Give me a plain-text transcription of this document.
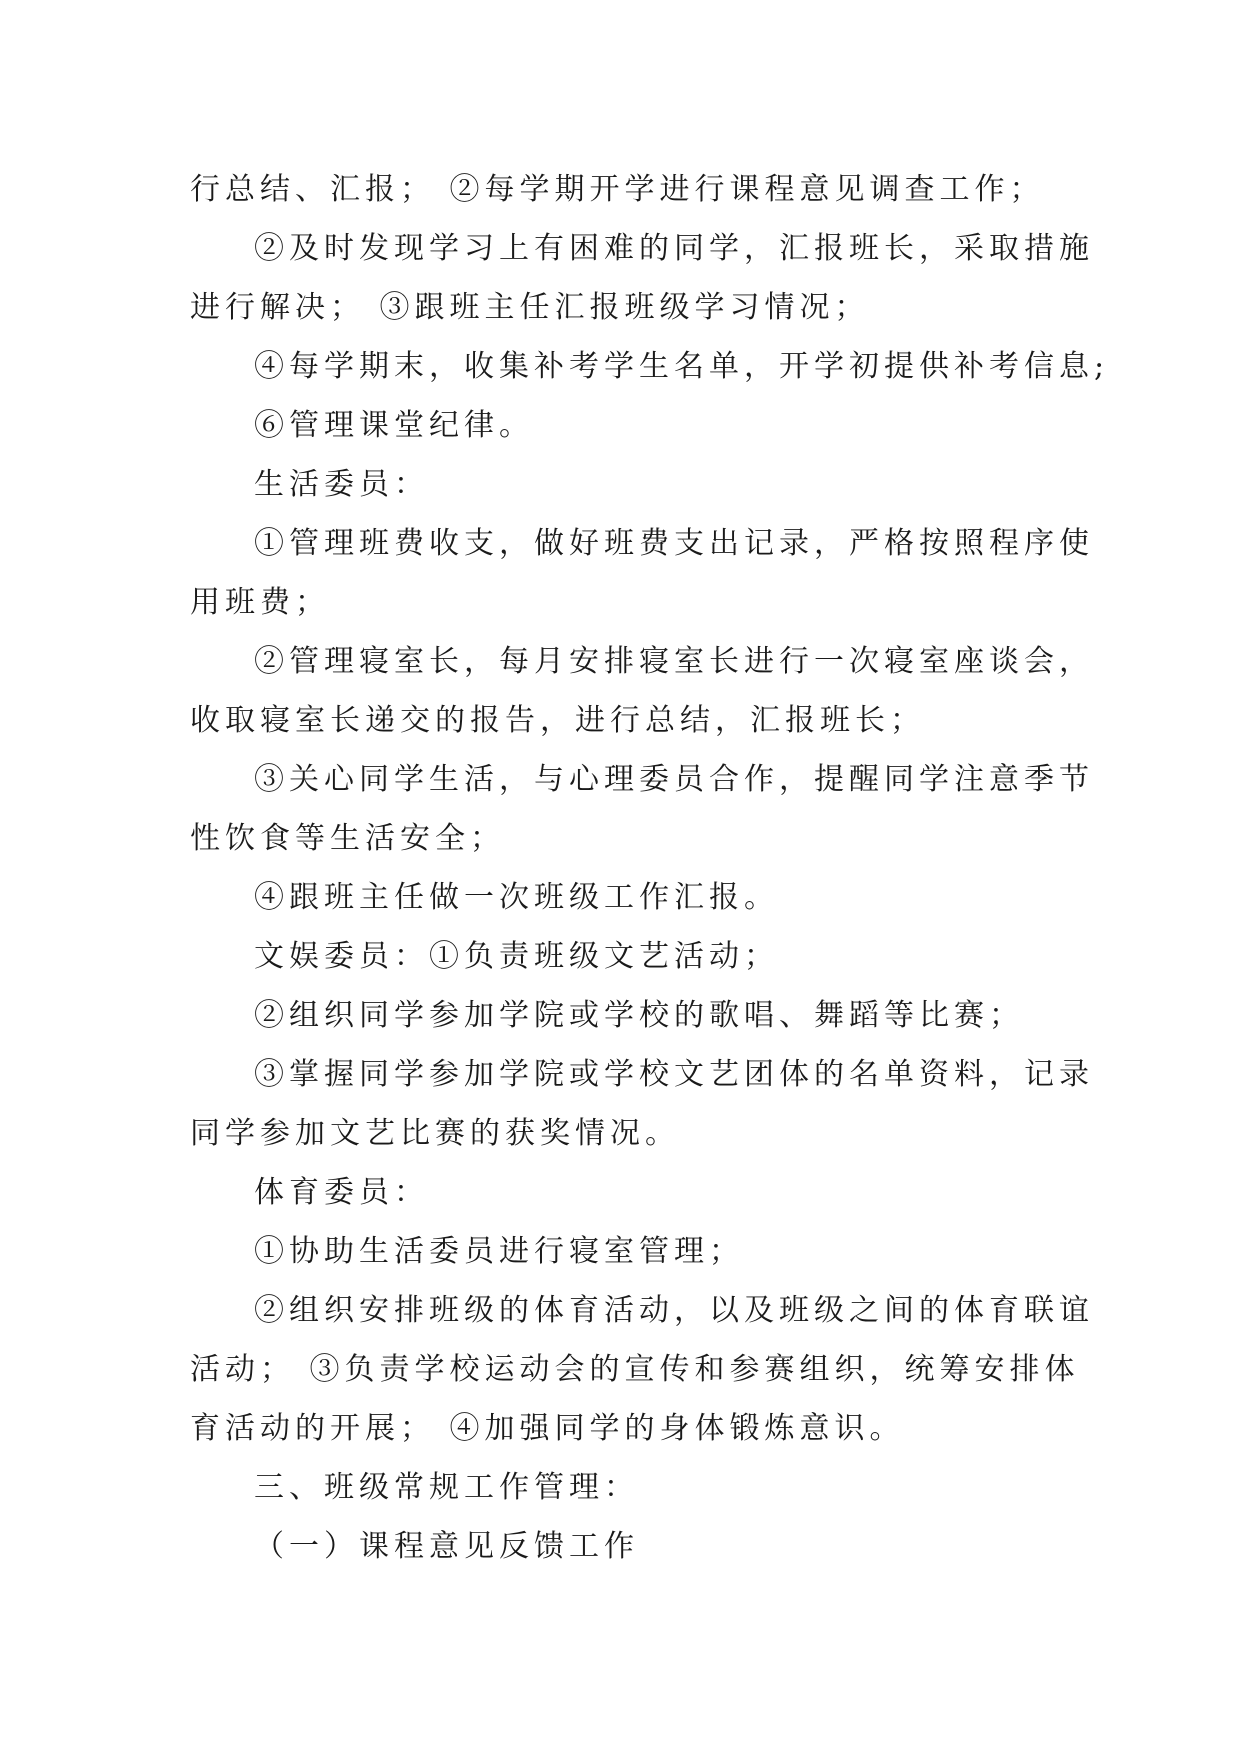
行总结、汇报； ②每学期开学进行课程意见调查工作；
②及时发现学习上有困难的同学，汇报班长，采取措施
进行解决； ③跟班主任汇报班级学习情况；
④每学期末，收集补考学生名单，开学初提供补考信息;
⑥管理课堂纪律。
生活委员：
①管理班费收支，做好班费支出记录，严格按照程序使
用班费；
②管理寝室长，每月安排寝室长进行一次寝室座谈会，
收取寝室长递交的报告，进行总结，汇报班长；
③关心同学生活，与心理委员合作，提醒同学注意季节
性饮食等生活安全；
④跟班主任做一次班级工作汇报。
文娱委员：①负责班级文艺活动；
②组织同学参加学院或学校的歌唱、舞蹈等比赛；
③掌握同学参加学院或学校文艺团体的名单资料，记录
同学参加文艺比赛的获奖情况。
体育委员：
①协助生活委员进行寝室管理；
②组织安排班级的体育活动，以及班级之间的体育联谊
活动； ③负责学校运动会的宣传和参赛组织，统筹安排体
育活动的开展； ④加强同学的身体锻炼意识。
三、班级常规工作管理：
（一）课程意见反馈工作
